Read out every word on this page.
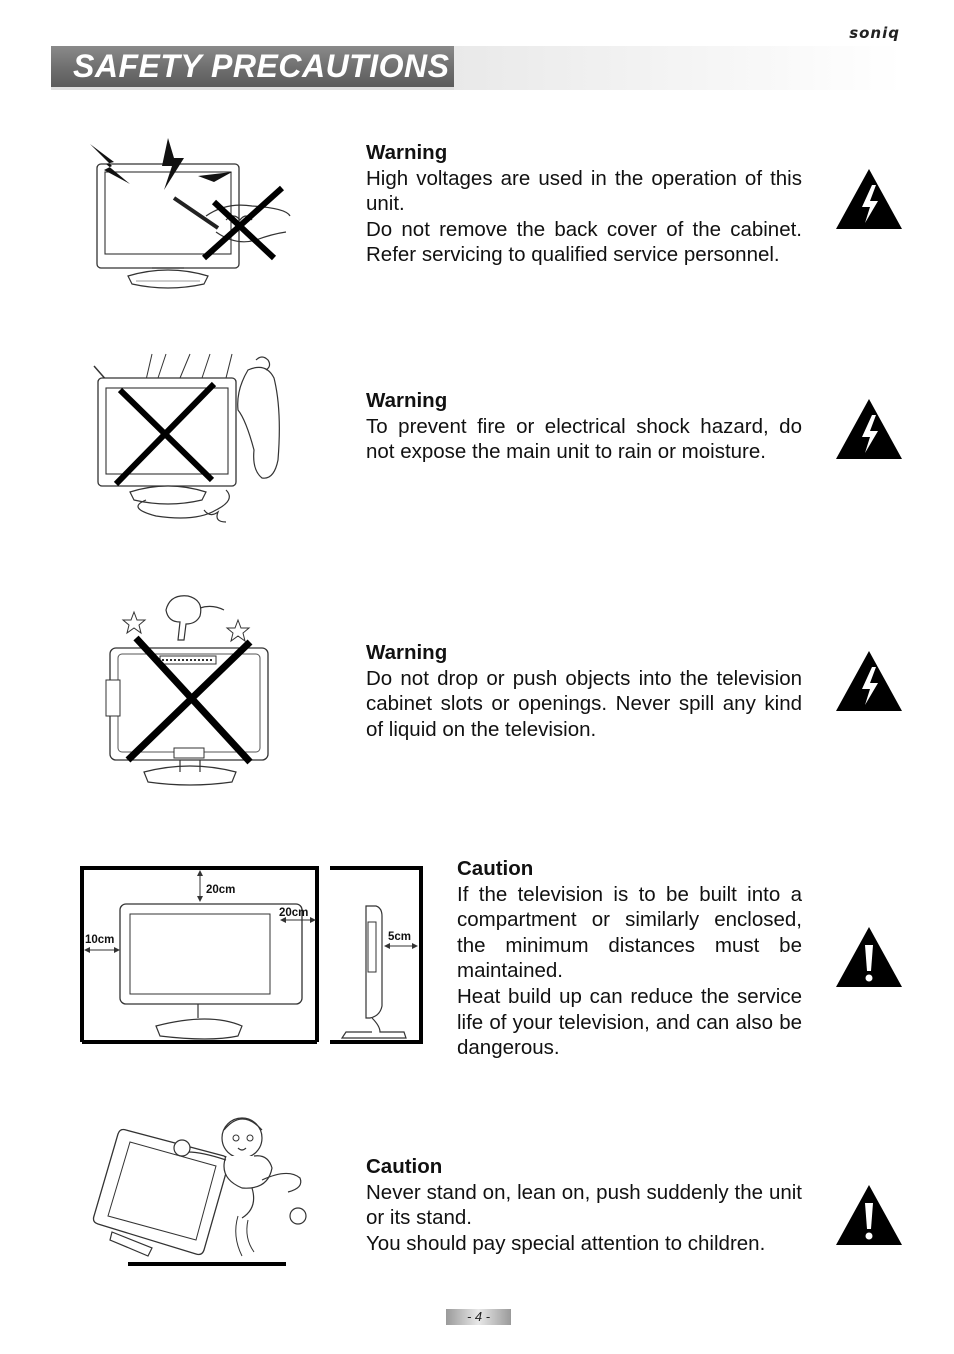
soniq
SAFETY PRECAUTIONS
Warning
High voltages are used in the operation of this unit.
Do not remove the back cover of the cabinet. Refer servicing to qualified service personnel.
Warning
To prevent fire or electrical shock hazard, do not expose the main unit to rain or moisture.
Warning
Do not drop or push objects into the television cabinet slots or openings. Never spill any kind of liquid on the television.
20cm
20cm
10cm	5cm
Caution
If the television is to be built into a compartment or similarly enclosed, the minimum distances must be maintained.
Heat build up can reduce the service life of your television, and can also be dangerous.
Caution
Never stand on, lean on, push suddenly the unit or its stand.
You should pay special attention to children.
- 4 -
